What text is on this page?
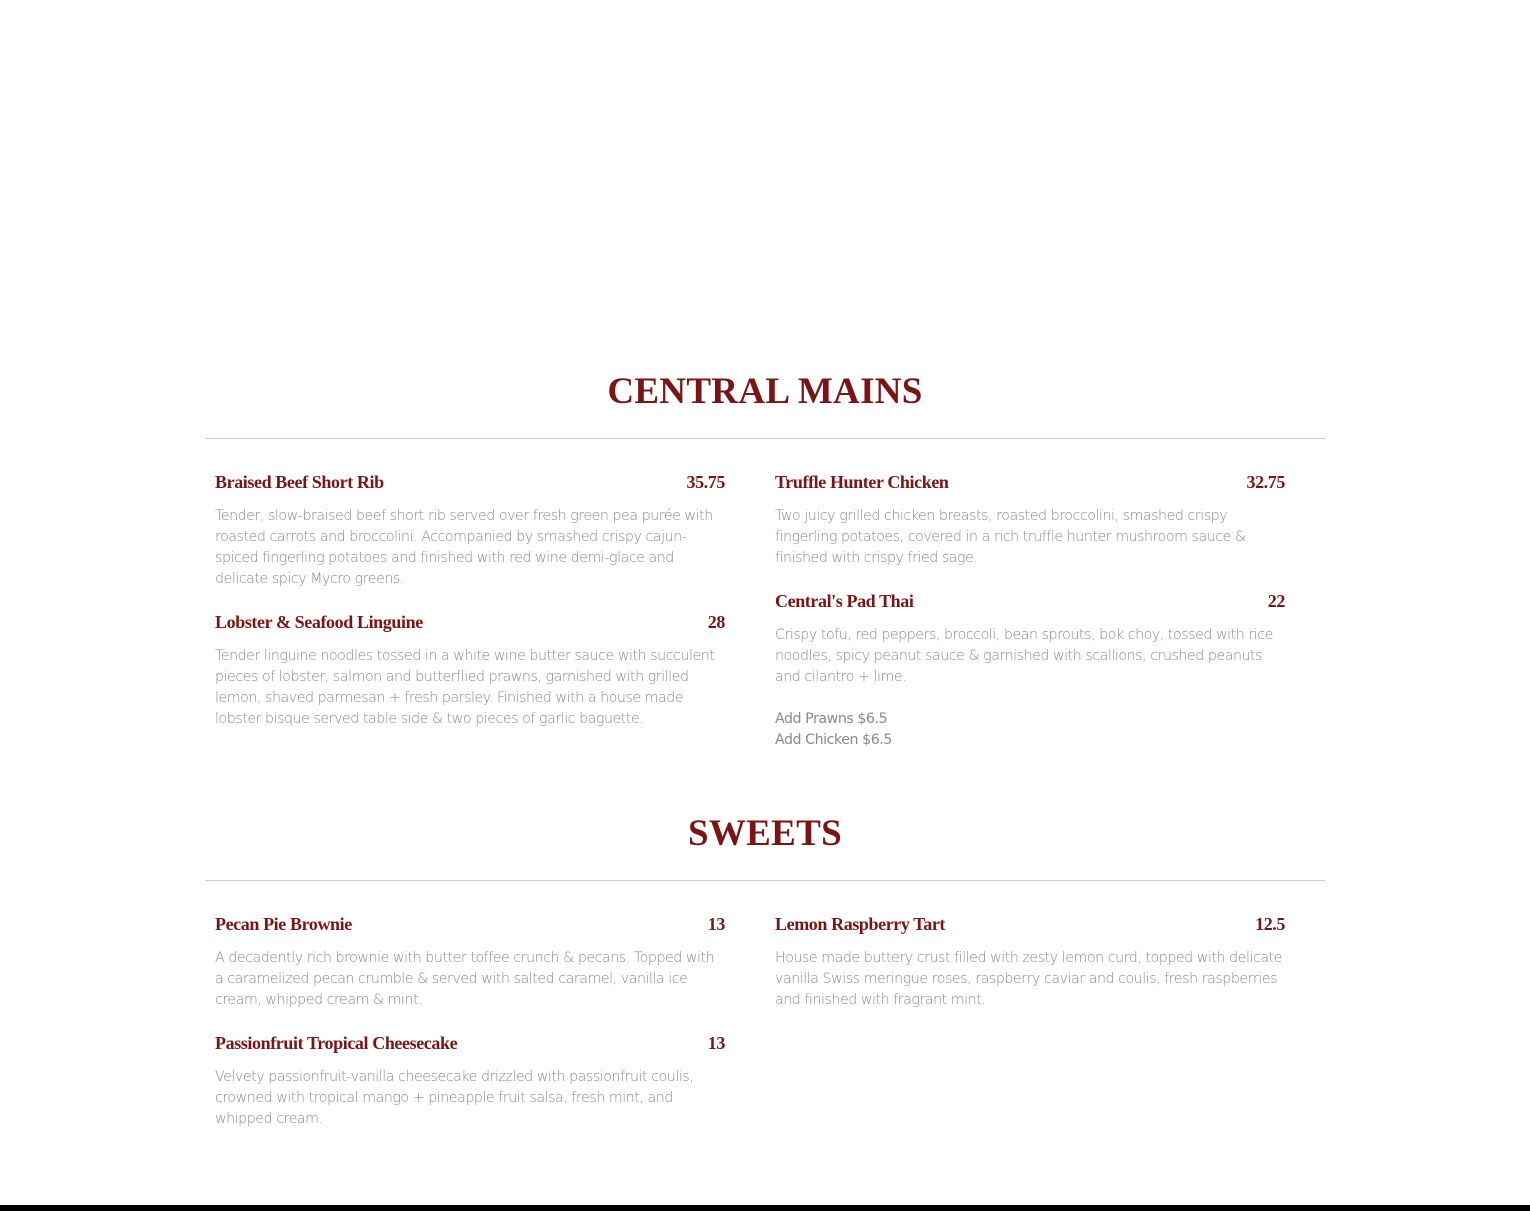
CENTRAL MAINS
Braised Beef Short Rib	35.75
Tender, slow-braised beef short rib served over fresh green pea purée with roasted carrots and broccolini. Accompanied by smashed crispy cajun-spiced fingerling potatoes and finished with red wine demi-glace and delicate spicy Mycro greens.
Truffle Hunter Chicken	32.75
Two juicy grilled chicken breasts, roasted broccolini, smashed crispy fingerling potatoes, covered in a rich truffle hunter mushroom sauce & finished with crispy fried sage.
Lobster & Seafood Linguine	28
Tender linguine noodles tossed in a white wine butter sauce with succulent pieces of lobster, salmon and butterflied prawns, garnished with grilled lemon, shaved parmesan + fresh parsley. Finished with a house made lobster bisque served table side & two pieces of garlic baguette.
Central's Pad Thai	22
Crispy tofu, red peppers, broccoli, bean sprouts, bok choy, tossed with rice noodles, spicy peanut sauce & garnished with scallions, crushed peanuts and cilantro + lime.
Add Prawns $6.5
Add Chicken $6.5
SWEETS
Pecan Pie Brownie	13
A decadently rich brownie with butter toffee crunch & pecans. Topped with a caramelized pecan crumble & served with salted caramel, vanilla ice cream, whipped cream & mint.
Lemon Raspberry Tart	12.5
House made buttery crust filled with zesty lemon curd, topped with delicate vanilla Swiss meringue roses, raspberry caviar and coulis, fresh raspberries and finished with fragrant mint.
Passionfruit Tropical Cheesecake	13
Velvety passionfruit-vanilla cheesecake drizzled with passionfruit coulis, crowned with tropical mango + pineapple fruit salsa, fresh mint, and whipped cream.
